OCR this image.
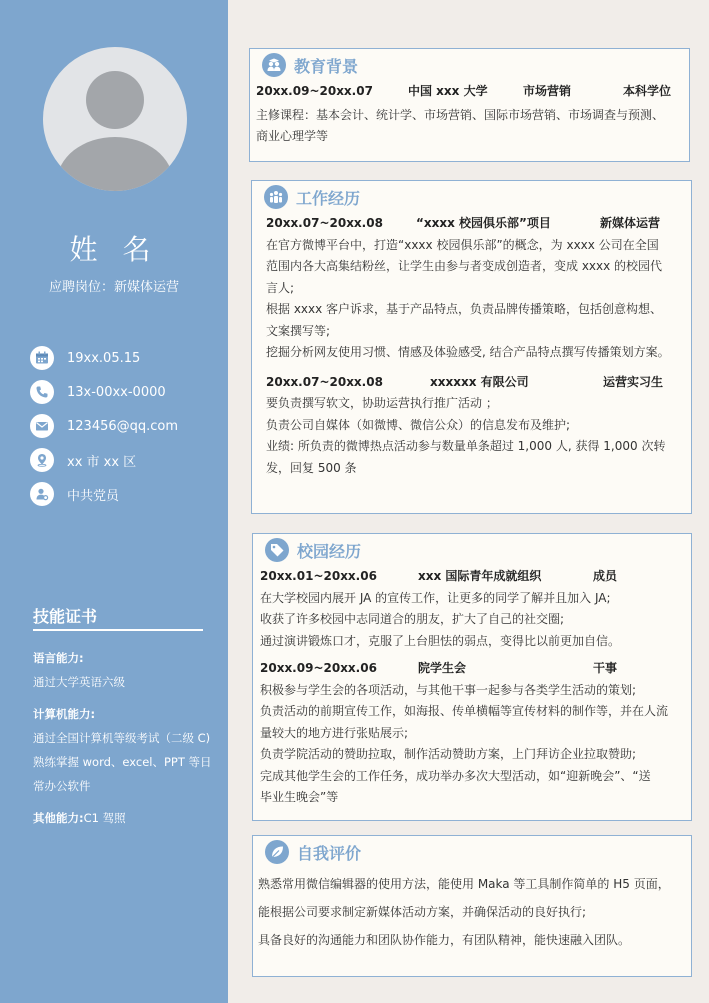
姓 名
应聘岗位：新媒体运营
19xx.05.15
13x-00xx-0000
123456@qq.com
xx 市 xx 区
中共党员
技能证书
语言能力:
通过大学英语六级
计算机能力:
通过全国计算机等级考试（二级 C)
熟练掌握 word、excel、PPT 等日
常办公软件
其他能力:C1 驾照
教育背景
20xx.09~20xx.07	中国 xxx 大学	市场营销	本科学位

主修课程：基本会计、统计学、市场营销、国际市场营销、市场调查与预测、

商业心理学等

工作经历
20xx.07~20xx.08	“xxxx 校园俱乐部”项目	新媒体运营

在官方微博平台中，打造“xxxx 校园俱乐部”的概念，为 xxxx 公司在全国

范围内各大高集结粉丝，让学生由参与者变成创造者，变成 xxxx 的校园代

言人;

根据 xxxx 客户诉求，基于产品特点，负责品牌传播策略，包括创意构想、

文案撰写等;

挖掘分析网友使用习惯、情感及体验感受, 结合产品特点撰写传播策划方案。

20xx.07~20xx.08	xxxxxx 有限公司	运营实习生

要负责撰写软文，协助运营执行推广活动 ；

负责公司自媒体（如微博、微信公众）的信息发布及维护;

业绩: 所负责的微博热点活动参与数量单条超过 1,000 人, 获得 1,000 次转

发，回复 500 条

校园经历
20xx.01~20xx.06	xxx 国际青年成就组织	成员

在大学校园内展开 JA 的宣传工作，让更多的同学了解并且加入 JA;

收获了许多校园中志同道合的朋友，扩大了自己的社交圈;

通过演讲锻炼口才，克服了上台胆怯的弱点，变得比以前更加自信。

20xx.09~20xx.06	院学生会	干事

积极参与学生会的各项活动，与其他干事一起参与各类学生活动的策划;

负责活动的前期宣传工作，如海报、传单横幅等宣传材料的制作等，并在人流

量较大的地方进行张贴展示;

负责学院活动的赞助拉取，制作活动赞助方案，上门拜访企业拉取赞助;

完成其他学生会的工作任务，成功举办多次大型活动，如“迎新晚会”、“送

毕业生晚会”等

自我评价

熟悉常用微信编辑器的使用方法，能使用 Maka 等工具制作简单的 H5 页面，

能根据公司要求制定新媒体活动方案，并确保活动的良好执行;

具备良好的沟通能力和团队协作能力，有团队精神，能快速融入团队。
